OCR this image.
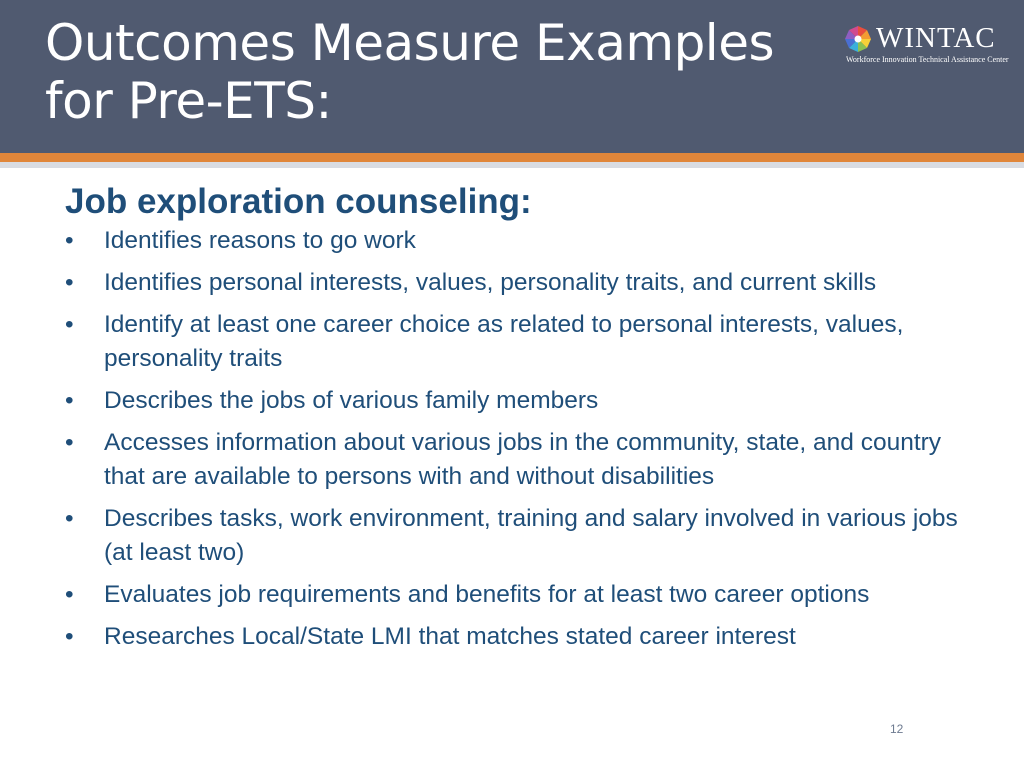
Outcomes Measure Examples for Pre-ETS:
WINTAC
Workforce Innovation Technical Assistance Center
Job exploration counseling:
• Identifies reasons to go work
• Identifies personal interests, values, personality traits, and current skills
• Identify at least one career choice as related to personal interests, values, personality traits
• Describes the jobs of various family members
• Accesses information about various jobs in the community, state, and country that are available to persons with and without disabilities
• Describes tasks, work environment, training and salary involved in various jobs (at least two)
• Evaluates job requirements and benefits for at least two career options
• Researches Local/State LMI that matches stated career interest
12
